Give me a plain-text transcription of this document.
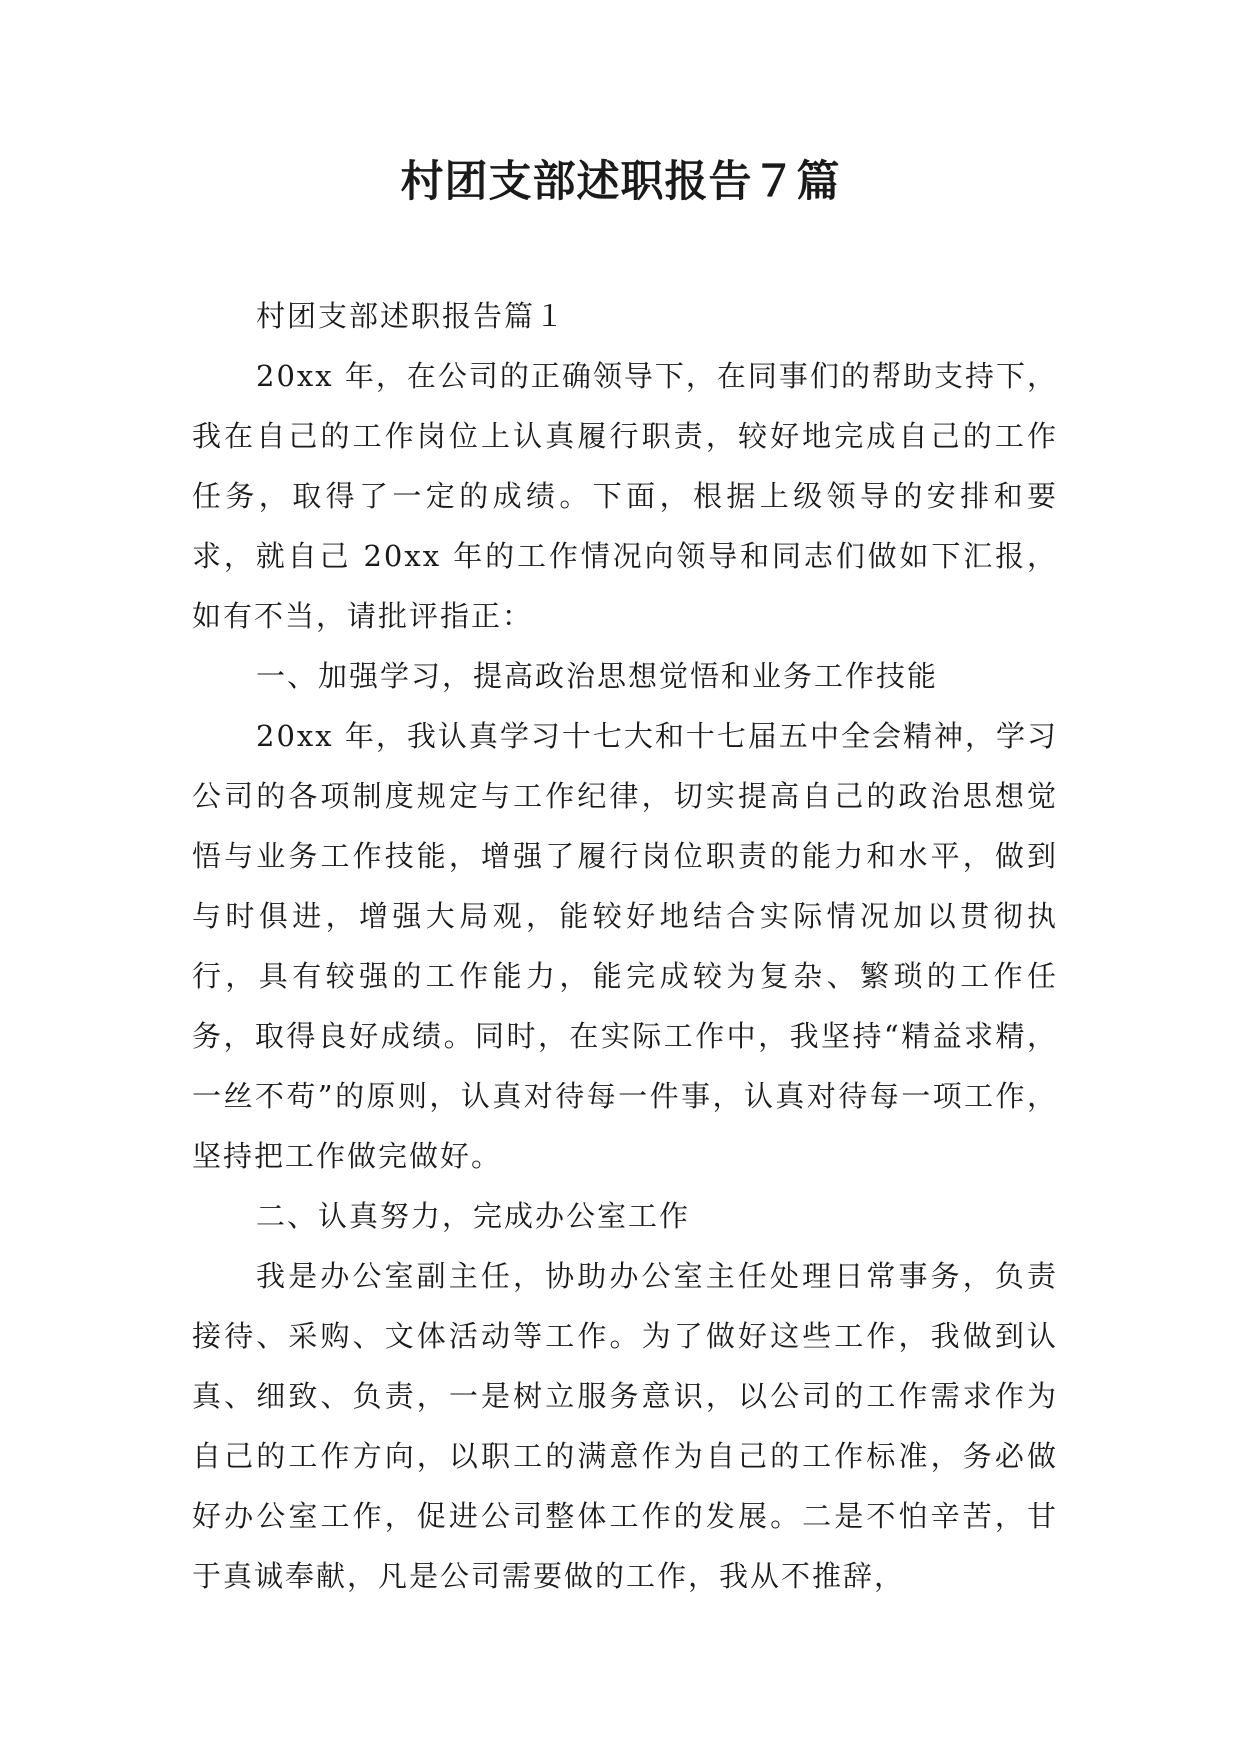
村团支部述职报告７篇

村团支部述职报告篇１

20xx 年，在公司的正确领导下，在同事们的帮助支持下，我在自己的工作岗位上认真履行职责，较好地完成自己的工作任务，取得了一定的成绩。下面，根据上级领导的安排和要求，就自己 20xx 年的工作情况向领导和同志们做如下汇报，如有不当，请批评指正：

一、加强学习，提高政治思想觉悟和业务工作技能

20xx 年，我认真学习十七大和十七届五中全会精神，学习公司的各项制度规定与工作纪律，切实提高自己的政治思想觉悟与业务工作技能，增强了履行岗位职责的能力和水平，做到与时俱进，增强大局观，能较好地结合实际情况加以贯彻执行，具有较强的工作能力，能完成较为复杂、繁琐的工作任务，取得良好成绩。同时，在实际工作中，我坚持“精益求精，一丝不苟”的原则，认真对待每一件事，认真对待每一项工作，坚持把工作做完做好。

二、认真努力，完成办公室工作

我是办公室副主任，协助办公室主任处理日常事务，负责接待、采购、文体活动等工作。为了做好这些工作，我做到认真、细致、负责，一是树立服务意识，以公司的工作需求作为自己的工作方向，以职工的满意作为自己的工作标准，务必做好办公室工作，促进公司整体工作的发展。二是不怕辛苦，甘于真诚奉献，凡是公司需要做的工作，我从不推辞，
